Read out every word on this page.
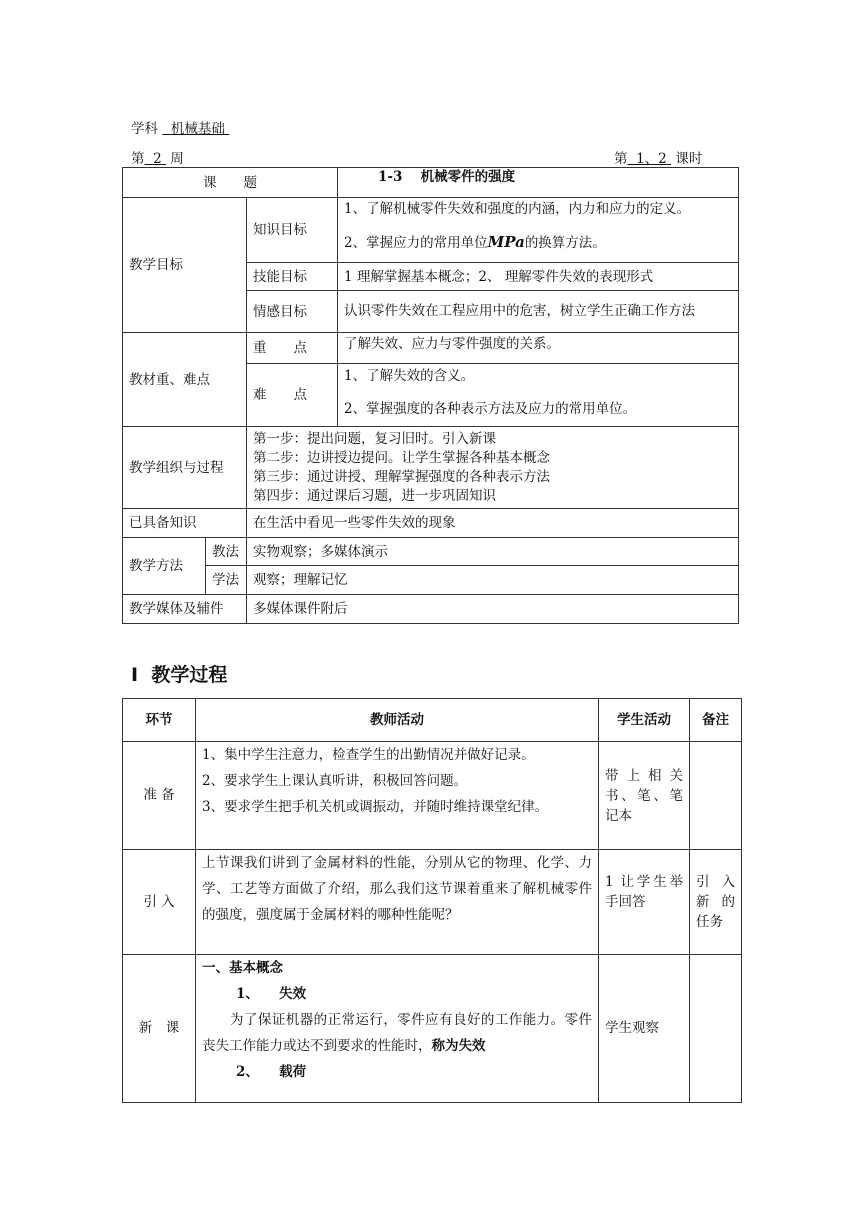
学科 机械基础
第 2 周	第 1、2 课时
课　　题			1-3　 机械零件的强度
教学目标		知识目标	1、了解机械零件失效和强度的内涵，内力和应力的定义。
2、掌握应力的常用单位MPa的换算方法。

		技能目标	1 理解掌握基本概念；2、 理解零件失效的表现形式
		情感目标	认识零件失效在工程应用中的危害，树立学生正确工作方法
教材重、难点		重　　点	了解失效、应力与零件强度的关系。
		难　　点	1、了解失效的含义。
2、掌握强度的各种表示方法及应力的常用单位。

教学组织与过程		第一步：提出问题，复习旧时。引入新课
第二步：边讲授边提问。让学生掌握各种基本概念
第三步：通过讲授、理解掌握强度的各种表示方法
第四步：通过课后习题，进一步巩固知识	

已具备知识		在生活中看见一些零件失效的现象	
教学方法	教法	实物观察；多媒体演示	
	学法	观察；理解记忆	
教学媒体及辅件		多媒体课件附后	
Ⅰ 教学过程
环节	教师活动	学生活动	备注
准 备	1、集中学生注意力，检查学生的出勤情况并做好记录。
2、要求学生上课认真听讲，积极回答问题。
3、要求学生把手机关机或调振动，并随时维持课堂纪律。	带上相关书、笔、笔记本	
引 入	上节课我们讲到了金属材料的性能，分别从它的物理、化学、力学、工艺等方面做了介绍，那么我们这节课着重来了解机械零件的强度，强度属于金属材料的哪种性能呢？	1 让学生举手回答	引入新的任务
新　课	一、基本概念
1、　　失效
为了保证机器的正常运行，零件应有良好的工作能力。零件丧失工作能力或达不到要求的性能时，称为失效
2、　　载荷	学生观察	
